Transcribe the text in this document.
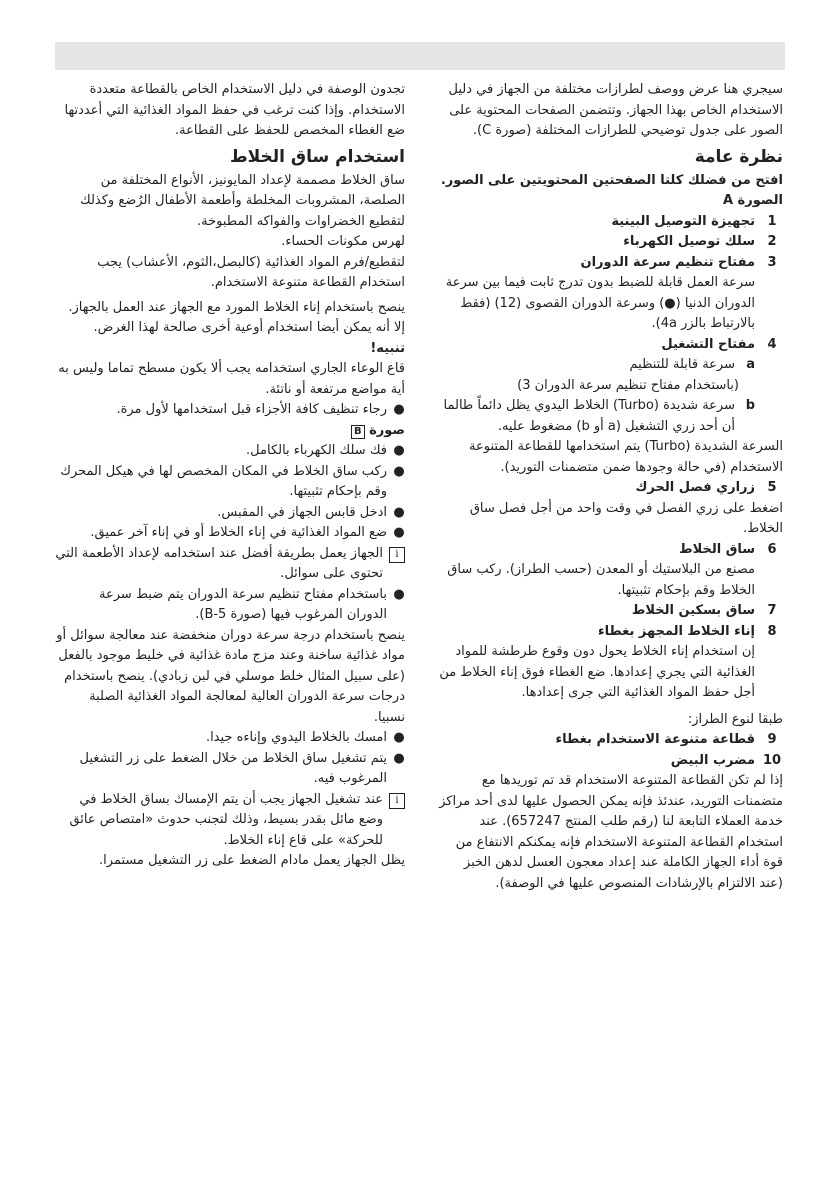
سيجري هنا عرض ووصف لطرازات مختلفة من الجهاز في دليل الاستخدام الخاص بهذا الجهاز. وتتضمن الصفحات المحتوية على الصور على جدول توضيحي للطرازات المختلفة (صورة C).

نظرة عامة

افتح من فضلك كلتا الصفحتين المحتويتين على الصور.

الصورة A

1
تجهيزة التوصيل البينية
2
سلك توصيل الكهرباء
3
مفتاح تنظيم سرعة الدوران

سرعة العمل قابلة للضبط بدون تدرج ثابت فيما بين سرعة الدوران الدنيا (●) وسرعة الدوران القصوى (12) (فقط بالارتباط بالزر 4a).

4
مفتاح التشغيل
a
سرعة قابلة للتنظيم

(باستخدام مفتاح تنظيم سرعة الدوران 3)

b
سرعة شديدة (Turbo) الخلاط اليدوي يظل دائماً طالما أن أحد زري التشغيل (a أو b) مضغوط عليه.

السرعة الشديدة (Turbo) يتم استخدامها للقطاعة المتنوعة الاستخدام (في حالة وجودها ضمن متضمنات التوريد).

5
زراري فصل الحرك

اضغط على زري الفصل في وقت واحد من أجل فصل ساق الخلاط.

6
ساق الخلاط

مصنع من البلاستيك أو المعدن (حسب الطراز). ركب ساق الخلاط وقم بإحكام تثبيتها.

7
ساق بسكين الخلاط
8
إناء الخلاط المجهز بغطاء

إن استخدام إناء الخلاط يحول دون وقوع طرطشة للمواد الغذائية التي يجري إعدادها. ضع الغطاء فوق إناء الخلاط من أجل حفظ المواد الغذائية التي جرى إعدادها.

طبقا لنوع الطراز:

9
قطاعة متنوعة الاستخدام بغطاء
10
مضرب البيض

إذا لم تكن القطاعة المتنوعة الاستخدام قد تم توريدها مع متضمنات التوريد، عندئذ فإنه يمكن الحصول عليها لدى أحد مراكز خدمة العملاء التابعة لنا (رقم طلب المنتج 657247). عند استخدام القطاعة المتنوعة الاستخدام فإنه يمكنكم الانتفاع من قوة أداء الجهاز الكاملة عند إعداد معجون العسل لدهن الخبز (عند الالتزام بالإرشادات المنصوص عليها في الوصفة).

تجدون الوصفة في دليل الاستخدام الخاص بالقطاعة متعددة الاستخدام. وإذا كنت ترغب في حفظ المواد الغذائية التي أعددتها ضع الغطاء المخصص للحفظ على القطاعة.

استخدام ساق الخلاط

ساق الخلاط مصممة لإعداد المايونيز، الأنواع المختلفة من الصلصة، المشروبات المخلطة وأطعمة الأطفال الرُضع وكذلك لتقطيع الخضراوات والفواكه المطبوخة.

لهرس مكونات الحساء.

لتقطيع/فرم المواد الغذائية (كالبصل،الثوم، الأعشاب) يجب استخدام القطاعة متنوعة الاستخدام.

ينصح باستخدام إناء الخلاط المورد مع الجهاز عند العمل بالجهاز. إلا أنه يمكن أيضا استخدام أوعية أخرى صالحة لهذا الغرض.

تنبيه!

قاع الوعاء الجاري استخدامه يجب ألا يكون مسطح تماما وليس به أية مواضع مرتفعة أو ناتئة.

●
رجاء تنظيف كافة الأجزاء قبل استخدامها لأول مرة.

صورة B

●
فك سلك الكهرباء بالكامل.
●
ركب ساق الخلاط في المكان المخصص لها في هيكل المحرك وقم بإحكام تثبيتها.
●
ادخل قابس الجهاز في المقبس.
●
ضع المواد الغذائية في إناء الخلاط أو في إناء آخر عميق.
i
الجهاز يعمل بطريقة أفضل عند استخدامه لإعداد الأطعمة التي تحتوى على سوائل.
●
باستخدام مفتاح تنظيم سرعة الدوران يتم ضبط سرعة الدوران المرغوب فيها (صورة B-5).

ينصح باستخدام درجة سرعة دوران منخفضة عند معالجة سوائل أو مواد غذائية ساخنة وعند مزج مادة غذائية في خليط موجود بالفعل (على سبيل المثال خلط موسلي في لبن زبادي). ينصح باستخدام درجات سرعة الدوران العالية لمعالجة المواد الغذائية الصلبة نسبيا.

●
امسك بالخلاط اليدوي وإناءه جيدا.
●
يتم تشغيل ساق الخلاط من خلال الضغط على زر التشغيل المرغوب فيه.
i
عند تشغيل الجهاز يجب أن يتم الإمساك بساق الخلاط في وضع مائل بقدر بسيط، وذلك لتجنب حدوث «امتصاص عائق للحركة» على قاع إناء الخلاط.

يظل الجهاز يعمل مادام الضغط على زر التشغيل مستمرا.
